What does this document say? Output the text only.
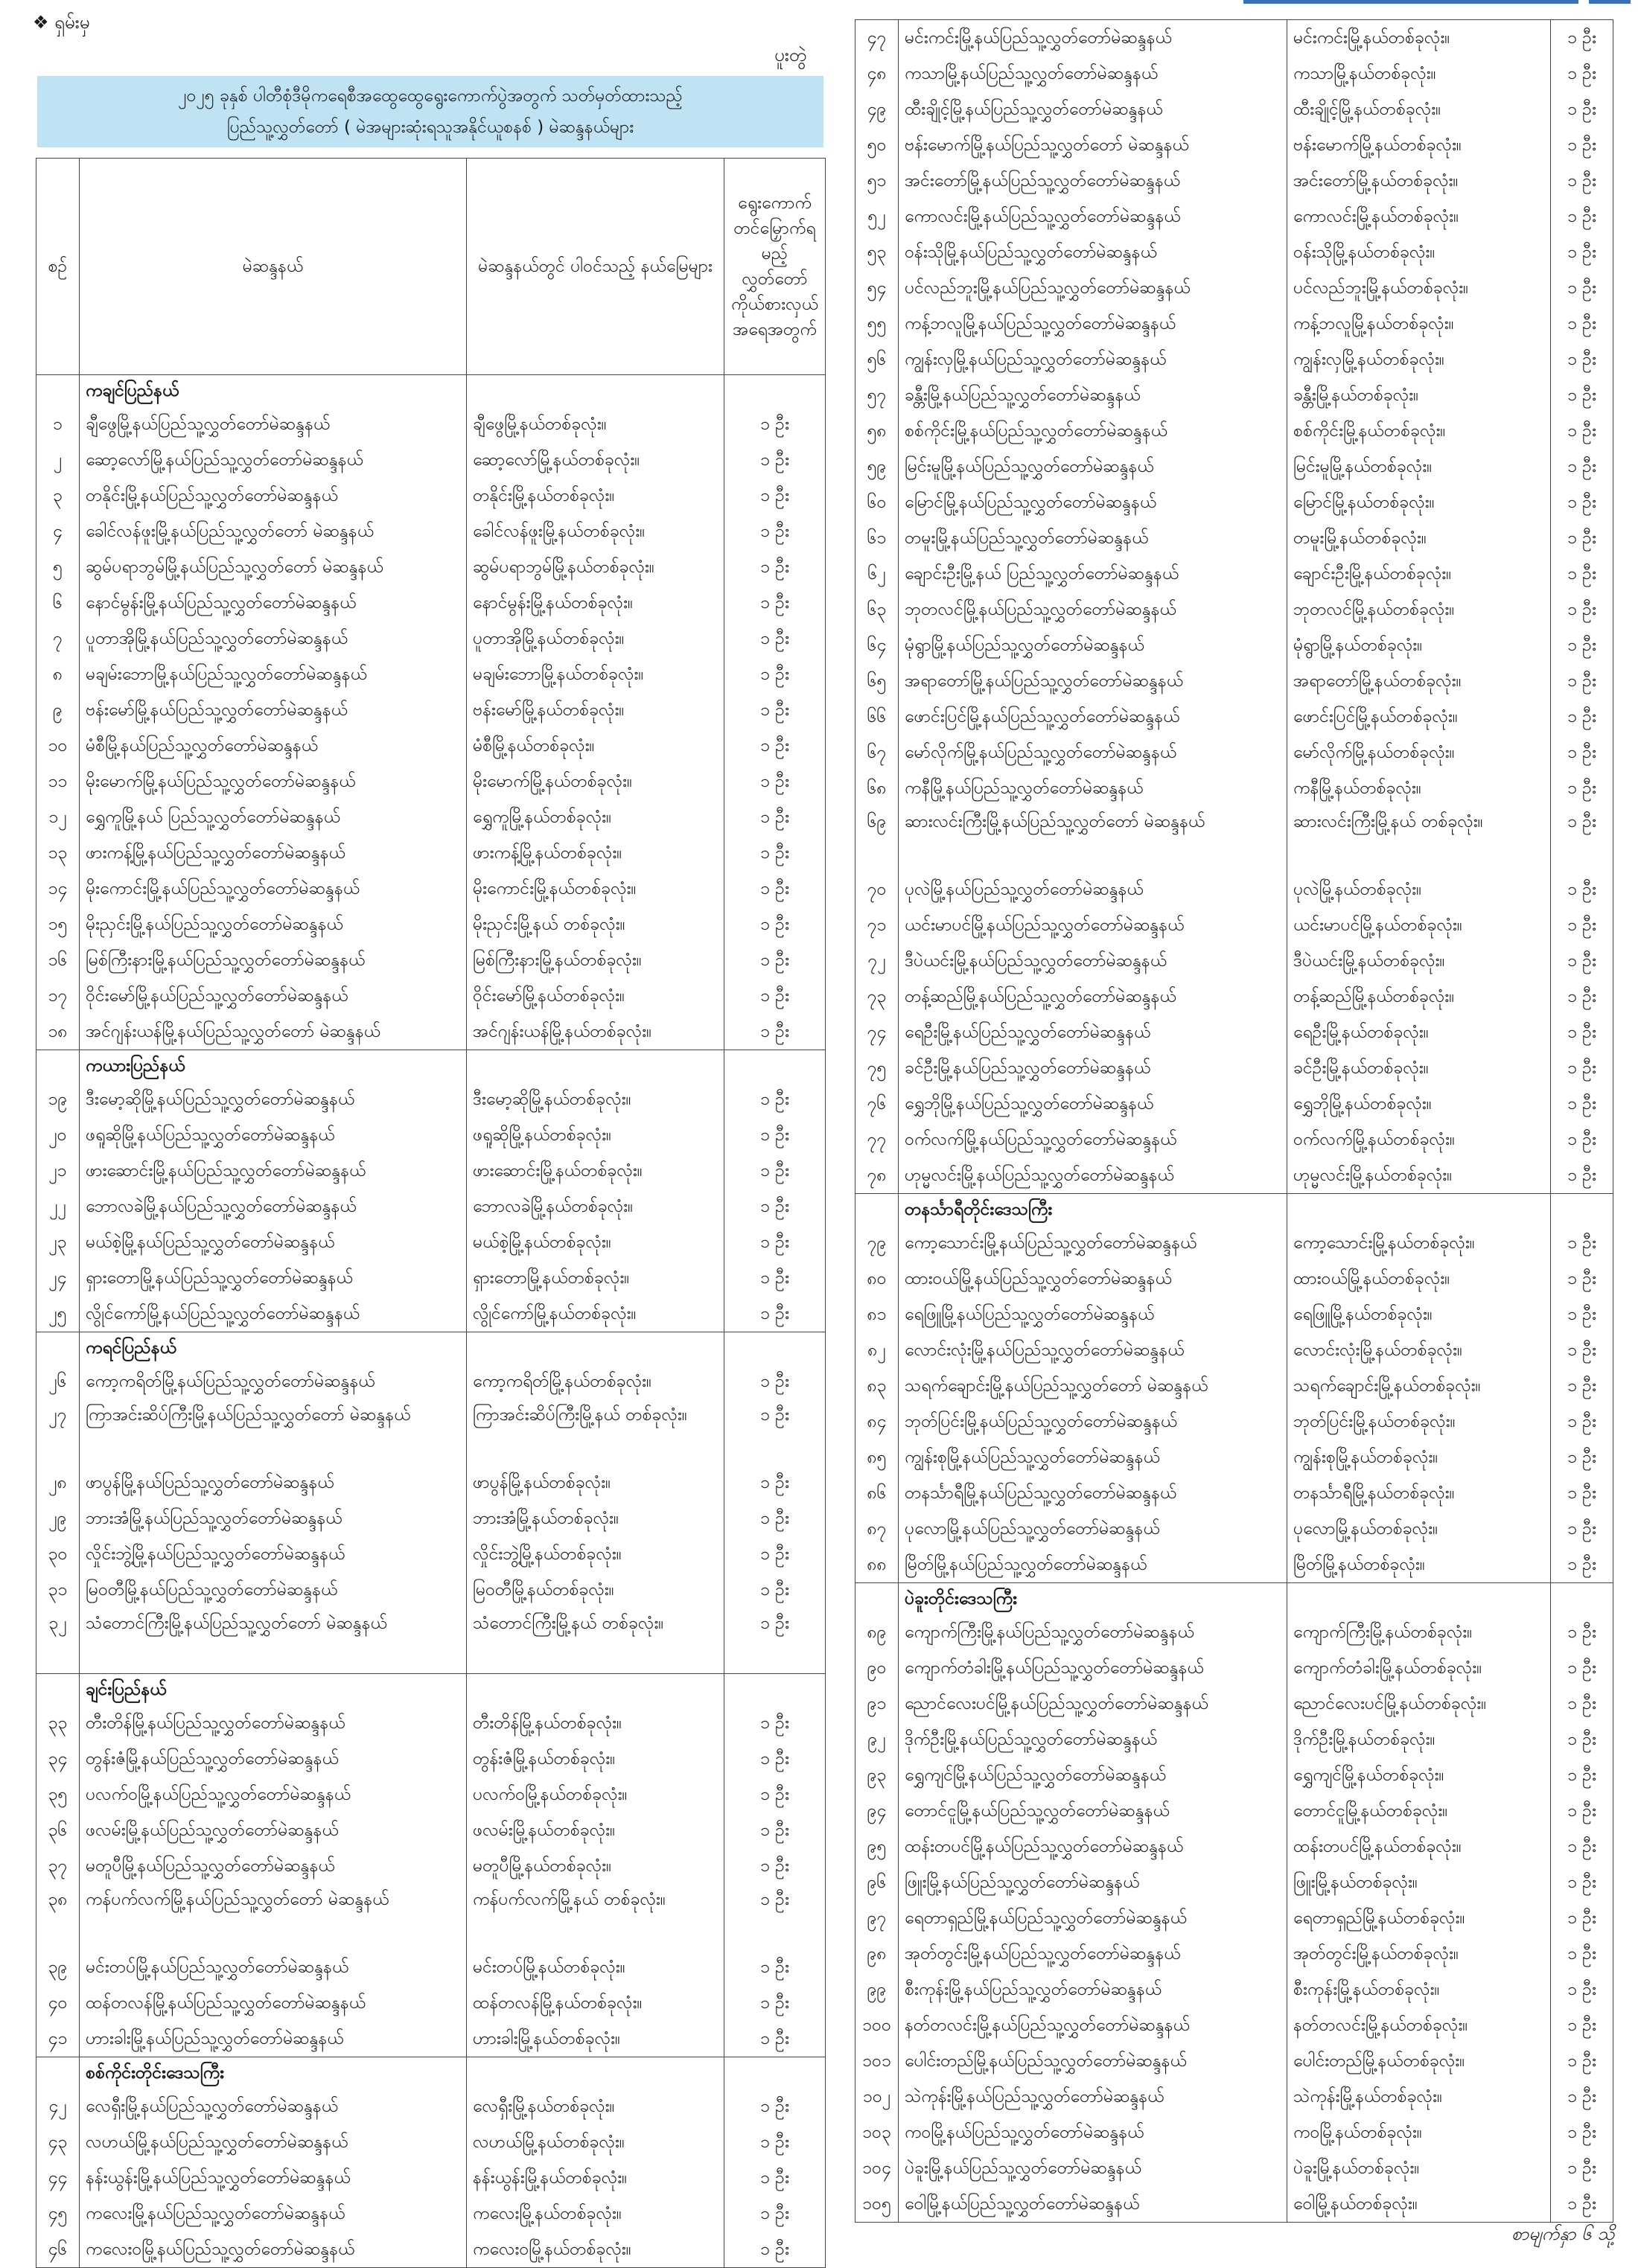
❖ ရှမ်းမှ
ပူးတွဲ
၂၀၂၅ ခုနှစ် ပါတီစုံဒီမိုကရေစီအထွေထွေရွေးကောက်ပွဲအတွက် သတ်မှတ်ထားသည့်
ပြည်သူ့လွှတ်တော် ( မဲအများဆုံးရသူအနိုင်ယူစနစ် ) မဲဆန္ဒနယ်များ
စဉ်	မဲဆန္ဒနယ်	မဲဆန္ဒနယ်တွင် ပါဝင်သည့် နယ်မြေများ	ရွေးကောက် တင်မြှောက်ရ မည့် လွှတ်တော် ကိုယ်စားလှယ် အရေအတွက်
	ကချင်ပြည်နယ်		
၁	ချီဖွေမြို့နယ်ပြည်သူ့လွှတ်တော်မဲဆန္ဒနယ်	ချီဖွေမြို့နယ်တစ်ခုလုံး။	၁ ဦး
၂	ဆော့လော်မြို့နယ်ပြည်သူ့လွှတ်တော်မဲဆန္ဒနယ်	ဆော့လော်မြို့နယ်တစ်ခုလုံး။	၁ ဦး
၃	တနိုင်းမြို့နယ်ပြည်သူ့လွှတ်တော်မဲဆန္ဒနယ်	တနိုင်းမြို့နယ်တစ်ခုလုံး။	၁ ဦး
၄	ခေါင်လန်ဖူးမြို့နယ်ပြည်သူ့လွှတ်တော် မဲဆန္ဒနယ်	ခေါင်လန်ဖူးမြို့နယ်တစ်ခုလုံး။	၁ ဦး
၅	ဆွမ်ပရာဘွမ်မြို့နယ်ပြည်သူ့လွှတ်တော် မဲဆန္ဒနယ်	ဆွမ်ပရာဘွမ်မြို့နယ်တစ်ခုလုံး။	၁ ဦး
၆	နောင်မွန်းမြို့နယ်ပြည်သူ့လွှတ်တော်မဲဆန္ဒနယ်	နောင်မွန်းမြို့နယ်တစ်ခုလုံး။	၁ ဦး
၇	ပူတာအိုမြို့နယ်ပြည်သူ့လွှတ်တော်မဲဆန္ဒနယ်	ပူတာအိုမြို့နယ်တစ်ခုလုံး။	၁ ဦး
၈	မချမ်းဘောမြို့နယ်ပြည်သူ့လွှတ်တော်မဲဆန္ဒနယ်	မချမ်းဘောမြို့နယ်တစ်ခုလုံး။	၁ ဦး
၉	ဗန်းမော်မြို့နယ်ပြည်သူ့လွှတ်တော်မဲဆန္ဒနယ်	ဗန်းမော်မြို့နယ်တစ်ခုလုံး။	၁ ဦး
၁၀	မံစီမြို့နယ်ပြည်သူ့လွှတ်တော်မဲဆန္ဒနယ်	မံစီမြို့နယ်တစ်ခုလုံး။	၁ ဦး
၁၁	မိုးမောက်မြို့နယ်ပြည်သူ့လွှတ်တော်မဲဆန္ဒနယ်	မိုးမောက်မြို့နယ်တစ်ခုလုံး။	၁ ဦး
၁၂	ရွှေကူမြို့နယ် ပြည်သူ့လွှတ်တော်မဲဆန္ဒနယ်	ရွှေကူမြို့နယ်တစ်ခုလုံး။	၁ ဦး
၁၃	ဖားကန့်မြို့နယ်ပြည်သူ့လွှတ်တော်မဲဆန္ဒနယ်	ဖားကန့်မြို့နယ်တစ်ခုလုံး။	၁ ဦး
၁၄	မိုးကောင်းမြို့နယ်ပြည်သူ့လွှတ်တော်မဲဆန္ဒနယ်	မိုးကောင်းမြို့နယ်တစ်ခုလုံး။	၁ ဦး
၁၅	မိုးညှင်းမြို့နယ်ပြည်သူ့လွှတ်တော်မဲဆန္ဒနယ်	မိုးညှင်းမြို့နယ် တစ်ခုလုံး။	၁ ဦး
၁၆	မြစ်ကြီးနားမြို့နယ်ပြည်သူ့လွှတ်တော်မဲဆန္ဒနယ်	မြစ်ကြီးနားမြို့နယ်တစ်ခုလုံး။	၁ ဦး
၁၇	ဝိုင်းမော်မြို့နယ်ပြည်သူ့လွှတ်တော်မဲဆန္ဒနယ်	ဝိုင်းမော်မြို့နယ်တစ်ခုလုံး။	၁ ဦး
၁၈	အင်ဂျန်းယန်မြို့နယ်ပြည်သူ့လွှတ်တော် မဲဆန္ဒနယ်	အင်ဂျန်းယန်မြို့နယ်တစ်ခုလုံး။	၁ ဦး
	ကယားပြည်နယ်		
၁၉	ဒီးမော့ဆိုမြို့နယ်ပြည်သူ့လွှတ်တော်မဲဆန္ဒနယ်	ဒီးမော့ဆိုမြို့နယ်တစ်ခုလုံး။	၁ ဦး
၂၀	ဖရူဆိုမြို့နယ်ပြည်သူ့လွှတ်တော်မဲဆန္ဒနယ်	ဖရူဆိုမြို့နယ်တစ်ခုလုံး။	၁ ဦး
၂၁	ဖားဆောင်းမြို့နယ်ပြည်သူ့လွှတ်တော်မဲဆန္ဒနယ်	ဖားဆောင်းမြို့နယ်တစ်ခုလုံး။	၁ ဦး
၂၂	ဘောလခဲမြို့နယ်ပြည်သူ့လွှတ်တော်မဲဆန္ဒနယ်	ဘောလခဲမြို့နယ်တစ်ခုလုံး။	၁ ဦး
၂၃	မယ်စဲ့မြို့နယ်ပြည်သူ့လွှတ်တော်မဲဆန္ဒနယ်	မယ်စဲ့မြို့နယ်တစ်ခုလုံး။	၁ ဦး
၂၄	ရှားတောမြို့နယ်ပြည်သူ့လွှတ်တော်မဲဆန္ဒနယ်	ရှားတောမြို့နယ်တစ်ခုလုံး။	၁ ဦး
၂၅	လွိုင်ကော်မြို့နယ်ပြည်သူ့လွှတ်တော်မဲဆန္ဒနယ်	လွိုင်ကော်မြို့နယ်တစ်ခုလုံး။	၁ ဦး
	ကရင်ပြည်နယ်		
၂၆	ကော့ကရိတ်မြို့နယ်ပြည်သူ့လွှတ်တော်မဲဆန္ဒနယ်	ကော့ကရိတ်မြို့နယ်တစ်ခုလုံး။	၁ ဦး
၂၇	ကြာအင်းဆိပ်ကြီးမြို့နယ်ပြည်သူ့လွှတ်တော် မဲဆန္ဒနယ်	ကြာအင်းဆိပ်ကြီးမြို့နယ် တစ်ခုလုံး။	၁ ဦး
၂၈	ဖာပွန်မြို့နယ်ပြည်သူ့လွှတ်တော်မဲဆန္ဒနယ်	ဖာပွန်မြို့နယ်တစ်ခုလုံး။	၁ ဦး
၂၉	ဘားအံမြို့နယ်ပြည်သူ့လွှတ်တော်မဲဆန္ဒနယ်	ဘားအံမြို့နယ်တစ်ခုလုံး။	၁ ဦး
၃၀	လှိုင်းဘွဲ့မြို့နယ်ပြည်သူ့လွှတ်တော်မဲဆန္ဒနယ်	လှိုင်းဘွဲ့မြို့နယ်တစ်ခုလုံး။	၁ ဦး
၃၁	မြဝတီမြို့နယ်ပြည်သူ့လွှတ်တော်မဲဆန္ဒနယ်	မြဝတီမြို့နယ်တစ်ခုလုံး။	၁ ဦး
၃၂	သံတောင်ကြီးမြို့နယ်ပြည်သူ့လွှတ်တော် မဲဆန္ဒနယ်	သံတောင်ကြီးမြို့နယ် တစ်ခုလုံး။	၁ ဦး
	ချင်းပြည်နယ်		
၃၃	တီးတိန်မြို့နယ်ပြည်သူ့လွှတ်တော်မဲဆန္ဒနယ်	တီးတိန်မြို့နယ်တစ်ခုလုံး။	၁ ဦး
၃၄	တွန်းဇံမြို့နယ်ပြည်သူ့လွှတ်တော်မဲဆန္ဒနယ်	တွန်းဇံမြို့နယ်တစ်ခုလုံး။	၁ ဦး
၃၅	ပလက်ဝမြို့နယ်ပြည်သူ့လွှတ်တော်မဲဆန္ဒနယ်	ပလက်ဝမြို့နယ်တစ်ခုလုံး။	၁ ဦး
၃၆	ဖလမ်းမြို့နယ်ပြည်သူ့လွှတ်တော်မဲဆန္ဒနယ်	ဖလမ်းမြို့နယ်တစ်ခုလုံး။	၁ ဦး
၃၇	မတူပီမြို့နယ်ပြည်သူ့လွှတ်တော်မဲဆန္ဒနယ်	မတူပီမြို့နယ်တစ်ခုလုံး။	၁ ဦး
၃၈	ကန်ပက်လက်မြို့နယ်ပြည်သူ့လွှတ်တော် မဲဆန္ဒနယ်	ကန်ပက်လက်မြို့နယ် တစ်ခုလုံး။	၁ ဦး
၃၉	မင်းတပ်မြို့နယ်ပြည်သူ့လွှတ်တော်မဲဆန္ဒနယ်	မင်းတပ်မြို့နယ်တစ်ခုလုံး။	၁ ဦး
၄၀	ထန်တလန်မြို့နယ်ပြည်သူ့လွှတ်တော်မဲဆန္ဒနယ်	ထန်တလန်မြို့နယ်တစ်ခုလုံး။	၁ ဦး
၄၁	ဟားခါးမြို့နယ်ပြည်သူ့လွှတ်တော်မဲဆန္ဒနယ်	ဟားခါးမြို့နယ်တစ်ခုလုံး။	၁ ဦး
	စစ်ကိုင်းတိုင်းဒေသကြီး		
၄၂	လေရှီးမြို့နယ်ပြည်သူ့လွှတ်တော်မဲဆန္ဒနယ်	လေရှီးမြို့နယ်တစ်ခုလုံး။	၁ ဦး
၄၃	လဟယ်မြို့နယ်ပြည်သူ့လွှတ်တော်မဲဆန္ဒနယ်	လဟယ်မြို့နယ်တစ်ခုလုံး။	၁ ဦး
၄၄	နန်းယွန်းမြို့နယ်ပြည်သူ့လွှတ်တော်မဲဆန္ဒနယ်	နန်းယွန်းမြို့နယ်တစ်ခုလုံး။	၁ ဦး
၄၅	ကလေးမြို့နယ်ပြည်သူ့လွှတ်တော်မဲဆန္ဒနယ်	ကလေးမြို့နယ်တစ်ခုလုံး။	၁ ဦး
၄၆	ကလေးဝမြို့နယ်ပြည်သူ့လွှတ်တော်မဲဆန္ဒနယ်	ကလေးဝမြို့နယ်တစ်ခုလုံး။	၁ ဦး
၄၇	မင်းကင်းမြို့နယ်ပြည်သူ့လွှတ်တော်မဲဆန္ဒနယ်	မင်းကင်းမြို့နယ်တစ်ခုလုံး။	၁ ဦး
၄၈	ကသာမြို့နယ်ပြည်သူ့လွှတ်တော်မဲဆန္ဒနယ်	ကသာမြို့နယ်တစ်ခုလုံး။	၁ ဦး
၄၉	ထီးချိုင့်မြို့နယ်ပြည်သူ့လွှတ်တော်မဲဆန္ဒနယ်	ထီးချိုင့်မြို့နယ်တစ်ခုလုံး။	၁ ဦး
၅၀	ဗန်းမောက်မြို့နယ်ပြည်သူ့လွှတ်တော် မဲဆန္ဒနယ်	ဗန်းမောက်မြို့နယ်တစ်ခုလုံး။	၁ ဦး
၅၁	အင်းတော်မြို့နယ်ပြည်သူ့လွှတ်တော်မဲဆန္ဒနယ်	အင်းတော်မြို့နယ်တစ်ခုလုံး။	၁ ဦး
၅၂	ကောလင်းမြို့နယ်ပြည်သူ့လွှတ်တော်မဲဆန္ဒနယ်	ကောလင်းမြို့နယ်တစ်ခုလုံး။	၁ ဦး
၅၃	ဝန်းသိုမြို့နယ်ပြည်သူ့လွှတ်တော်မဲဆန္ဒနယ်	ဝန်းသိုမြို့နယ်တစ်ခုလုံး။	၁ ဦး
၅၄	ပင်လည်ဘူးမြို့နယ်ပြည်သူ့လွှတ်တော်မဲဆန္ဒနယ်	ပင်လည်ဘူးမြို့နယ်တစ်ခုလုံး။	၁ ဦး
၅၅	ကန့်ဘလူမြို့နယ်ပြည်သူ့လွှတ်တော်မဲဆန္ဒနယ်	ကန့်ဘလူမြို့နယ်တစ်ခုလုံး။	၁ ဦး
၅၆	ကျွန်းလှမြို့နယ်ပြည်သူ့လွှတ်တော်မဲဆန္ဒနယ်	ကျွန်းလှမြို့နယ်တစ်ခုလုံး။	၁ ဦး
၅၇	ခန္တီးမြို့နယ်ပြည်သူ့လွှတ်တော်မဲဆန္ဒနယ်	ခန္တီးမြို့နယ်တစ်ခုလုံး။	၁ ဦး
၅၈	စစ်ကိုင်းမြို့နယ်ပြည်သူ့လွှတ်တော်မဲဆန္ဒနယ်	စစ်ကိုင်းမြို့နယ်တစ်ခုလုံး။	၁ ဦး
၅၉	မြင်းမူမြို့နယ်ပြည်သူ့လွှတ်တော်မဲဆန္ဒနယ်	မြင်းမူမြို့နယ်တစ်ခုလုံး။	၁ ဦး
၆၀	မြောင်မြို့နယ်ပြည်သူ့လွှတ်တော်မဲဆန္ဒနယ်	မြောင်မြို့နယ်တစ်ခုလုံး။	၁ ဦး
၆၁	တမူးမြို့နယ်ပြည်သူ့လွှတ်တော်မဲဆန္ဒနယ်	တမူးမြို့နယ်တစ်ခုလုံး။	၁ ဦး
၆၂	ချောင်းဦးမြို့နယ် ပြည်သူ့လွှတ်တော်မဲဆန္ဒနယ်	ချောင်းဦးမြို့နယ်တစ်ခုလုံး။	၁ ဦး
၆၃	ဘုတလင်မြို့နယ်ပြည်သူ့လွှတ်တော်မဲဆန္ဒနယ်	ဘုတလင်မြို့နယ်တစ်ခုလုံး။	၁ ဦး
၆၄	မုံရွာမြို့နယ်ပြည်သူ့လွှတ်တော်မဲဆန္ဒနယ်	မုံရွာမြို့နယ်တစ်ခုလုံး။	၁ ဦး
၆၅	အရာတော်မြို့နယ်ပြည်သူ့လွှတ်တော်မဲဆန္ဒနယ်	အရာတော်မြို့နယ်တစ်ခုလုံး။	၁ ဦး
၆၆	ဖောင်းပြင်မြို့နယ်ပြည်သူ့လွှတ်တော်မဲဆန္ဒနယ်	ဖောင်းပြင်မြို့နယ်တစ်ခုလုံး။	၁ ဦး
၆၇	မော်လိုက်မြို့နယ်ပြည်သူ့လွှတ်တော်မဲဆန္ဒနယ်	မော်လိုက်မြို့နယ်တစ်ခုလုံး။	၁ ဦး
၆၈	ကနီမြို့နယ်ပြည်သူ့လွှတ်တော်မဲဆန္ဒနယ်	ကနီမြို့နယ်တစ်ခုလုံး။	၁ ဦး
၆၉	ဆားလင်းကြီးမြို့နယ်ပြည်သူ့လွှတ်တော် မဲဆန္ဒနယ်	ဆားလင်းကြီးမြို့နယ် တစ်ခုလုံး။	၁ ဦး
၇၀	ပုလဲမြို့နယ်ပြည်သူ့လွှတ်တော်မဲဆန္ဒနယ်	ပုလဲမြို့နယ်တစ်ခုလုံး။	၁ ဦး
၇၁	ယင်းမာပင်မြို့နယ်ပြည်သူ့လွှတ်တော်မဲဆန္ဒနယ်	ယင်းမာပင်မြို့နယ်တစ်ခုလုံး။	၁ ဦး
၇၂	ဒီပဲယင်းမြို့နယ်ပြည်သူ့လွှတ်တော်မဲဆန္ဒနယ်	ဒီပဲယင်းမြို့နယ်တစ်ခုလုံး။	၁ ဦး
၇၃	တန့်ဆည်မြို့နယ်ပြည်သူ့လွှတ်တော်မဲဆန္ဒနယ်	တန့်ဆည်မြို့နယ်တစ်ခုလုံး။	၁ ဦး
၇၄	ရေဦးမြို့နယ်ပြည်သူ့လွှတ်တော်မဲဆန္ဒနယ်	ရေဦးမြို့နယ်တစ်ခုလုံး။	၁ ဦး
၇၅	ခင်ဦးမြို့နယ်ပြည်သူ့လွှတ်တော်မဲဆန္ဒနယ်	ခင်ဦးမြို့နယ်တစ်ခုလုံး။	၁ ဦး
၇၆	ရွှေဘိုမြို့နယ်ပြည်သူ့လွှတ်တော်မဲဆန္ဒနယ်	ရွှေဘိုမြို့နယ်တစ်ခုလုံး။	၁ ဦး
၇၇	ဝက်လက်မြို့နယ်ပြည်သူ့လွှတ်တော်မဲဆန္ဒနယ်	ဝက်လက်မြို့နယ်တစ်ခုလုံး။	၁ ဦး
၇၈	ဟုမ္မလင်းမြို့နယ်ပြည်သူ့လွှတ်တော်မဲဆန္ဒနယ်	ဟုမ္မလင်းမြို့နယ်တစ်ခုလုံး။	၁ ဦး
	တနင်္သာရီတိုင်းဒေသကြီး		
၇၉	ကော့သောင်းမြို့နယ်ပြည်သူ့လွှတ်တော်မဲဆန္ဒနယ်	ကော့သောင်းမြို့နယ်တစ်ခုလုံး။	၁ ဦး
၈၀	ထားဝယ်မြို့နယ်ပြည်သူ့လွှတ်တော်မဲဆန္ဒနယ်	ထားဝယ်မြို့နယ်တစ်ခုလုံး။	၁ ဦး
၈၁	ရေဖြူမြို့နယ်ပြည်သူ့လွှတ်တော်မဲဆန္ဒနယ်	ရေဖြူမြို့နယ်တစ်ခုလုံး။	၁ ဦး
၈၂	လောင်းလုံးမြို့နယ်ပြည်သူ့လွှတ်တော်မဲဆန္ဒနယ်	လောင်းလုံးမြို့နယ်တစ်ခုလုံး။	၁ ဦး
၈၃	သရက်ချောင်းမြို့နယ်ပြည်သူ့လွှတ်တော် မဲဆန္ဒနယ်	သရက်ချောင်းမြို့နယ်တစ်ခုလုံး။	၁ ဦး
၈၄	ဘုတ်ပြင်းမြို့နယ်ပြည်သူ့လွှတ်တော်မဲဆန္ဒနယ်	ဘုတ်ပြင်းမြို့နယ်တစ်ခုလုံး။	၁ ဦး
၈၅	ကျွန်းစုမြို့နယ်ပြည်သူ့လွှတ်တော်မဲဆန္ဒနယ်	ကျွန်းစုမြို့နယ်တစ်ခုလုံး။	၁ ဦး
၈၆	တနင်္သာရီမြို့နယ်ပြည်သူ့လွှတ်တော်မဲဆန္ဒနယ်	တနင်္သာရီမြို့နယ်တစ်ခုလုံး။	၁ ဦး
၈၇	ပုလောမြို့နယ်ပြည်သူ့လွှတ်တော်မဲဆန္ဒနယ်	ပုလောမြို့နယ်တစ်ခုလုံး။	၁ ဦး
၈၈	မြိတ်မြို့နယ်ပြည်သူ့လွှတ်တော်မဲဆန္ဒနယ်	မြိတ်မြို့နယ်တစ်ခုလုံး။	၁ ဦး
	ပဲခူးတိုင်းဒေသကြီး		
၈၉	ကျောက်ကြီးမြို့နယ်ပြည်သူ့လွှတ်တော်မဲဆန္ဒနယ်	ကျောက်ကြီးမြို့နယ်တစ်ခုလုံး။	၁ ဦး
၉၀	ကျောက်တံခါးမြို့နယ်ပြည်သူ့လွှတ်တော်မဲဆန္ဒနယ်	ကျောက်တံခါးမြို့နယ်တစ်ခုလုံး။	၁ ဦး
၉၁	ညောင်လေးပင်မြို့နယ်ပြည်သူ့လွှတ်တော်မဲဆန္ဒနယ်	ညောင်လေးပင်မြို့နယ်တစ်ခုလုံး။	၁ ဦး
၉၂	ဒိုက်ဦးမြို့နယ်ပြည်သူ့လွှတ်တော်မဲဆန္ဒနယ်	ဒိုက်ဦးမြို့နယ်တစ်ခုလုံး။	၁ ဦး
၉၃	ရွှေကျင်မြို့နယ်ပြည်သူ့လွှတ်တော်မဲဆန္ဒနယ်	ရွှေကျင်မြို့နယ်တစ်ခုလုံး။	၁ ဦး
၉၄	တောင်ငူမြို့နယ်ပြည်သူ့လွှတ်တော်မဲဆန္ဒနယ်	တောင်ငူမြို့နယ်တစ်ခုလုံး။	၁ ဦး
၉၅	ထန်းတပင်မြို့နယ်ပြည်သူ့လွှတ်တော်မဲဆန္ဒနယ်	ထန်းတပင်မြို့နယ်တစ်ခုလုံး။	၁ ဦး
၉၆	ဖြူးမြို့နယ်ပြည်သူ့လွှတ်တော်မဲဆန္ဒနယ်	ဖြူးမြို့နယ်တစ်ခုလုံး။	၁ ဦး
၉၇	ရေတာရှည်မြို့နယ်ပြည်သူ့လွှတ်တော်မဲဆန္ဒနယ်	ရေတာရှည်မြို့နယ်တစ်ခုလုံး။	၁ ဦး
၉၈	အုတ်တွင်းမြို့နယ်ပြည်သူ့လွှတ်တော်မဲဆန္ဒနယ်	အုတ်တွင်းမြို့နယ်တစ်ခုလုံး။	၁ ဦး
၉၉	စီးကုန်းမြို့နယ်ပြည်သူ့လွှတ်တော်မဲဆန္ဒနယ်	စီးကုန်းမြို့နယ်တစ်ခုလုံး။	၁ ဦး
၁၀၀	နတ်တလင်းမြို့နယ်ပြည်သူ့လွှတ်တော်မဲဆန္ဒနယ်	နတ်တလင်းမြို့နယ်တစ်ခုလုံး။	၁ ဦး
၁၀၁	ပေါင်းတည်မြို့နယ်ပြည်သူ့လွှတ်တော်မဲဆန္ဒနယ်	ပေါင်းတည်မြို့နယ်တစ်ခုလုံး။	၁ ဦး
၁၀၂	သဲကုန်းမြို့နယ်ပြည်သူ့လွှတ်တော်မဲဆန္ဒနယ်	သဲကုန်းမြို့နယ်တစ်ခုလုံး။	၁ ဦး
၁၀၃	ကဝမြို့နယ်ပြည်သူ့လွှတ်တော်မဲဆန္ဒနယ်	ကဝမြို့နယ်တစ်ခုလုံး။	၁ ဦး
၁၀၄	ပဲခူးမြို့နယ်ပြည်သူ့လွှတ်တော်မဲဆန္ဒနယ်	ပဲခူးမြို့နယ်တစ်ခုလုံး။	၁ ဦး
၁၀၅	ဝေါမြို့နယ်ပြည်သူ့လွှတ်တော်မဲဆန္ဒနယ်	ဝေါမြို့နယ်တစ်ခုလုံး။	၁ ဦး
စာမျက်နှာ ၆ သို့
